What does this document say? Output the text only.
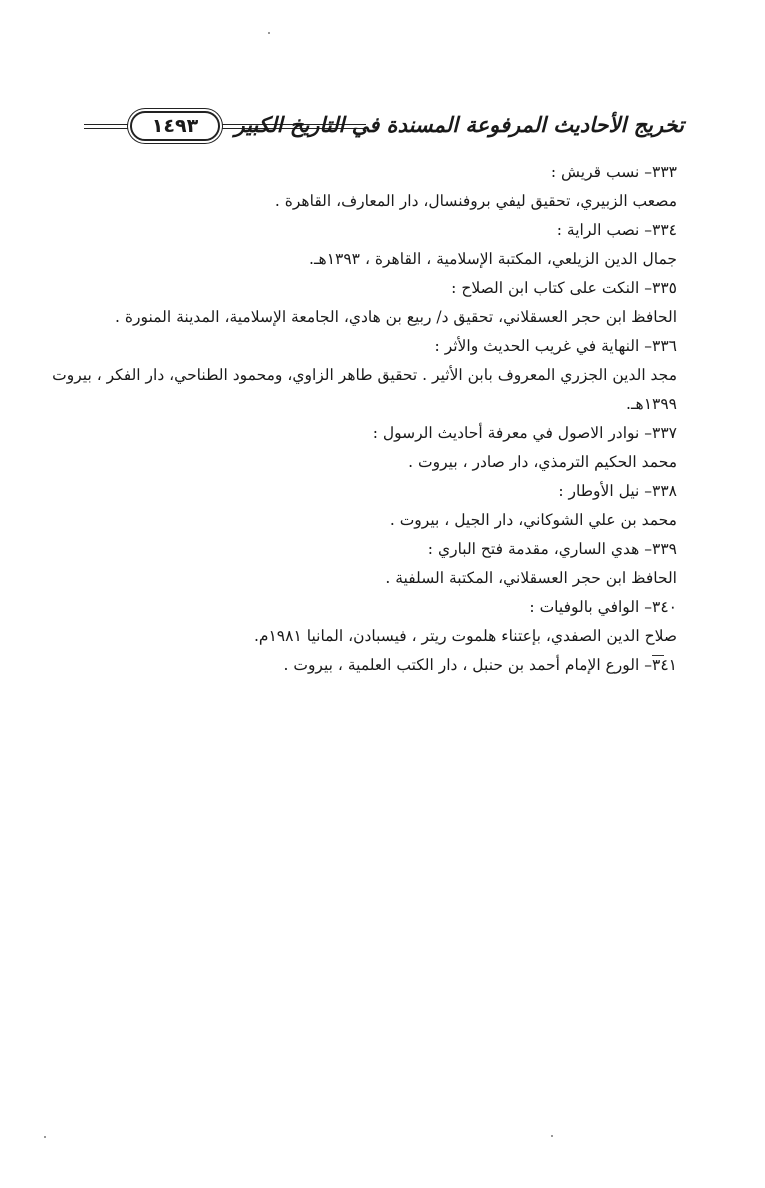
١٤٩٣	تخريج الأحاديث المرفوعة المسندة في التاريخ الكبير
٣٣٣– نسب قريش :
مصعب الزبيري، تحقيق ليفي بروفنسال، دار المعارف، القاهرة .
٣٣٤– نصب الراية :
جمال الدين الزيلعي، المكتبة الإسلامية ، القاهرة ، ١٣٩٣هـ.
٣٣٥– النكت على كتاب ابن الصلاح :
الحافظ ابن حجر العسقلاني، تحقيق د/ ربيع بن هادي، الجامعة الإسلامية، المدينة المنورة .
٣٣٦– النهاية في غريب الحديث والأثر :
مجد الدين الجزري المعروف بابن الأثير . تحقيق طاهر الزاوي، ومحمود الطناحي، دار الفكر ، بيروت
١٣٩٩هـ.
٣٣٧– نوادر الاصول في معرفة أحاديث الرسول :
محمد الحكيم الترمذي، دار صادر ، بيروت .
٣٣٨– نيل الأوطار :
محمد بن علي الشوكاني، دار الجيل ، بيروت .
٣٣٩– هدي الساري، مقدمة فتح الباري :
الحافظ ابن حجر العسقلاني، المكتبة السلفية .
٣٤٠– الوافي بالوفيات :
صلاح الدين الصفدي، بإعتناء هلموت ريتر ، فيسبادن، المانيا ١٩٨١م.
٣٤١– الورع الإمام أحمد بن حنبل ، دار الكتب العلمية ، بيروت .
